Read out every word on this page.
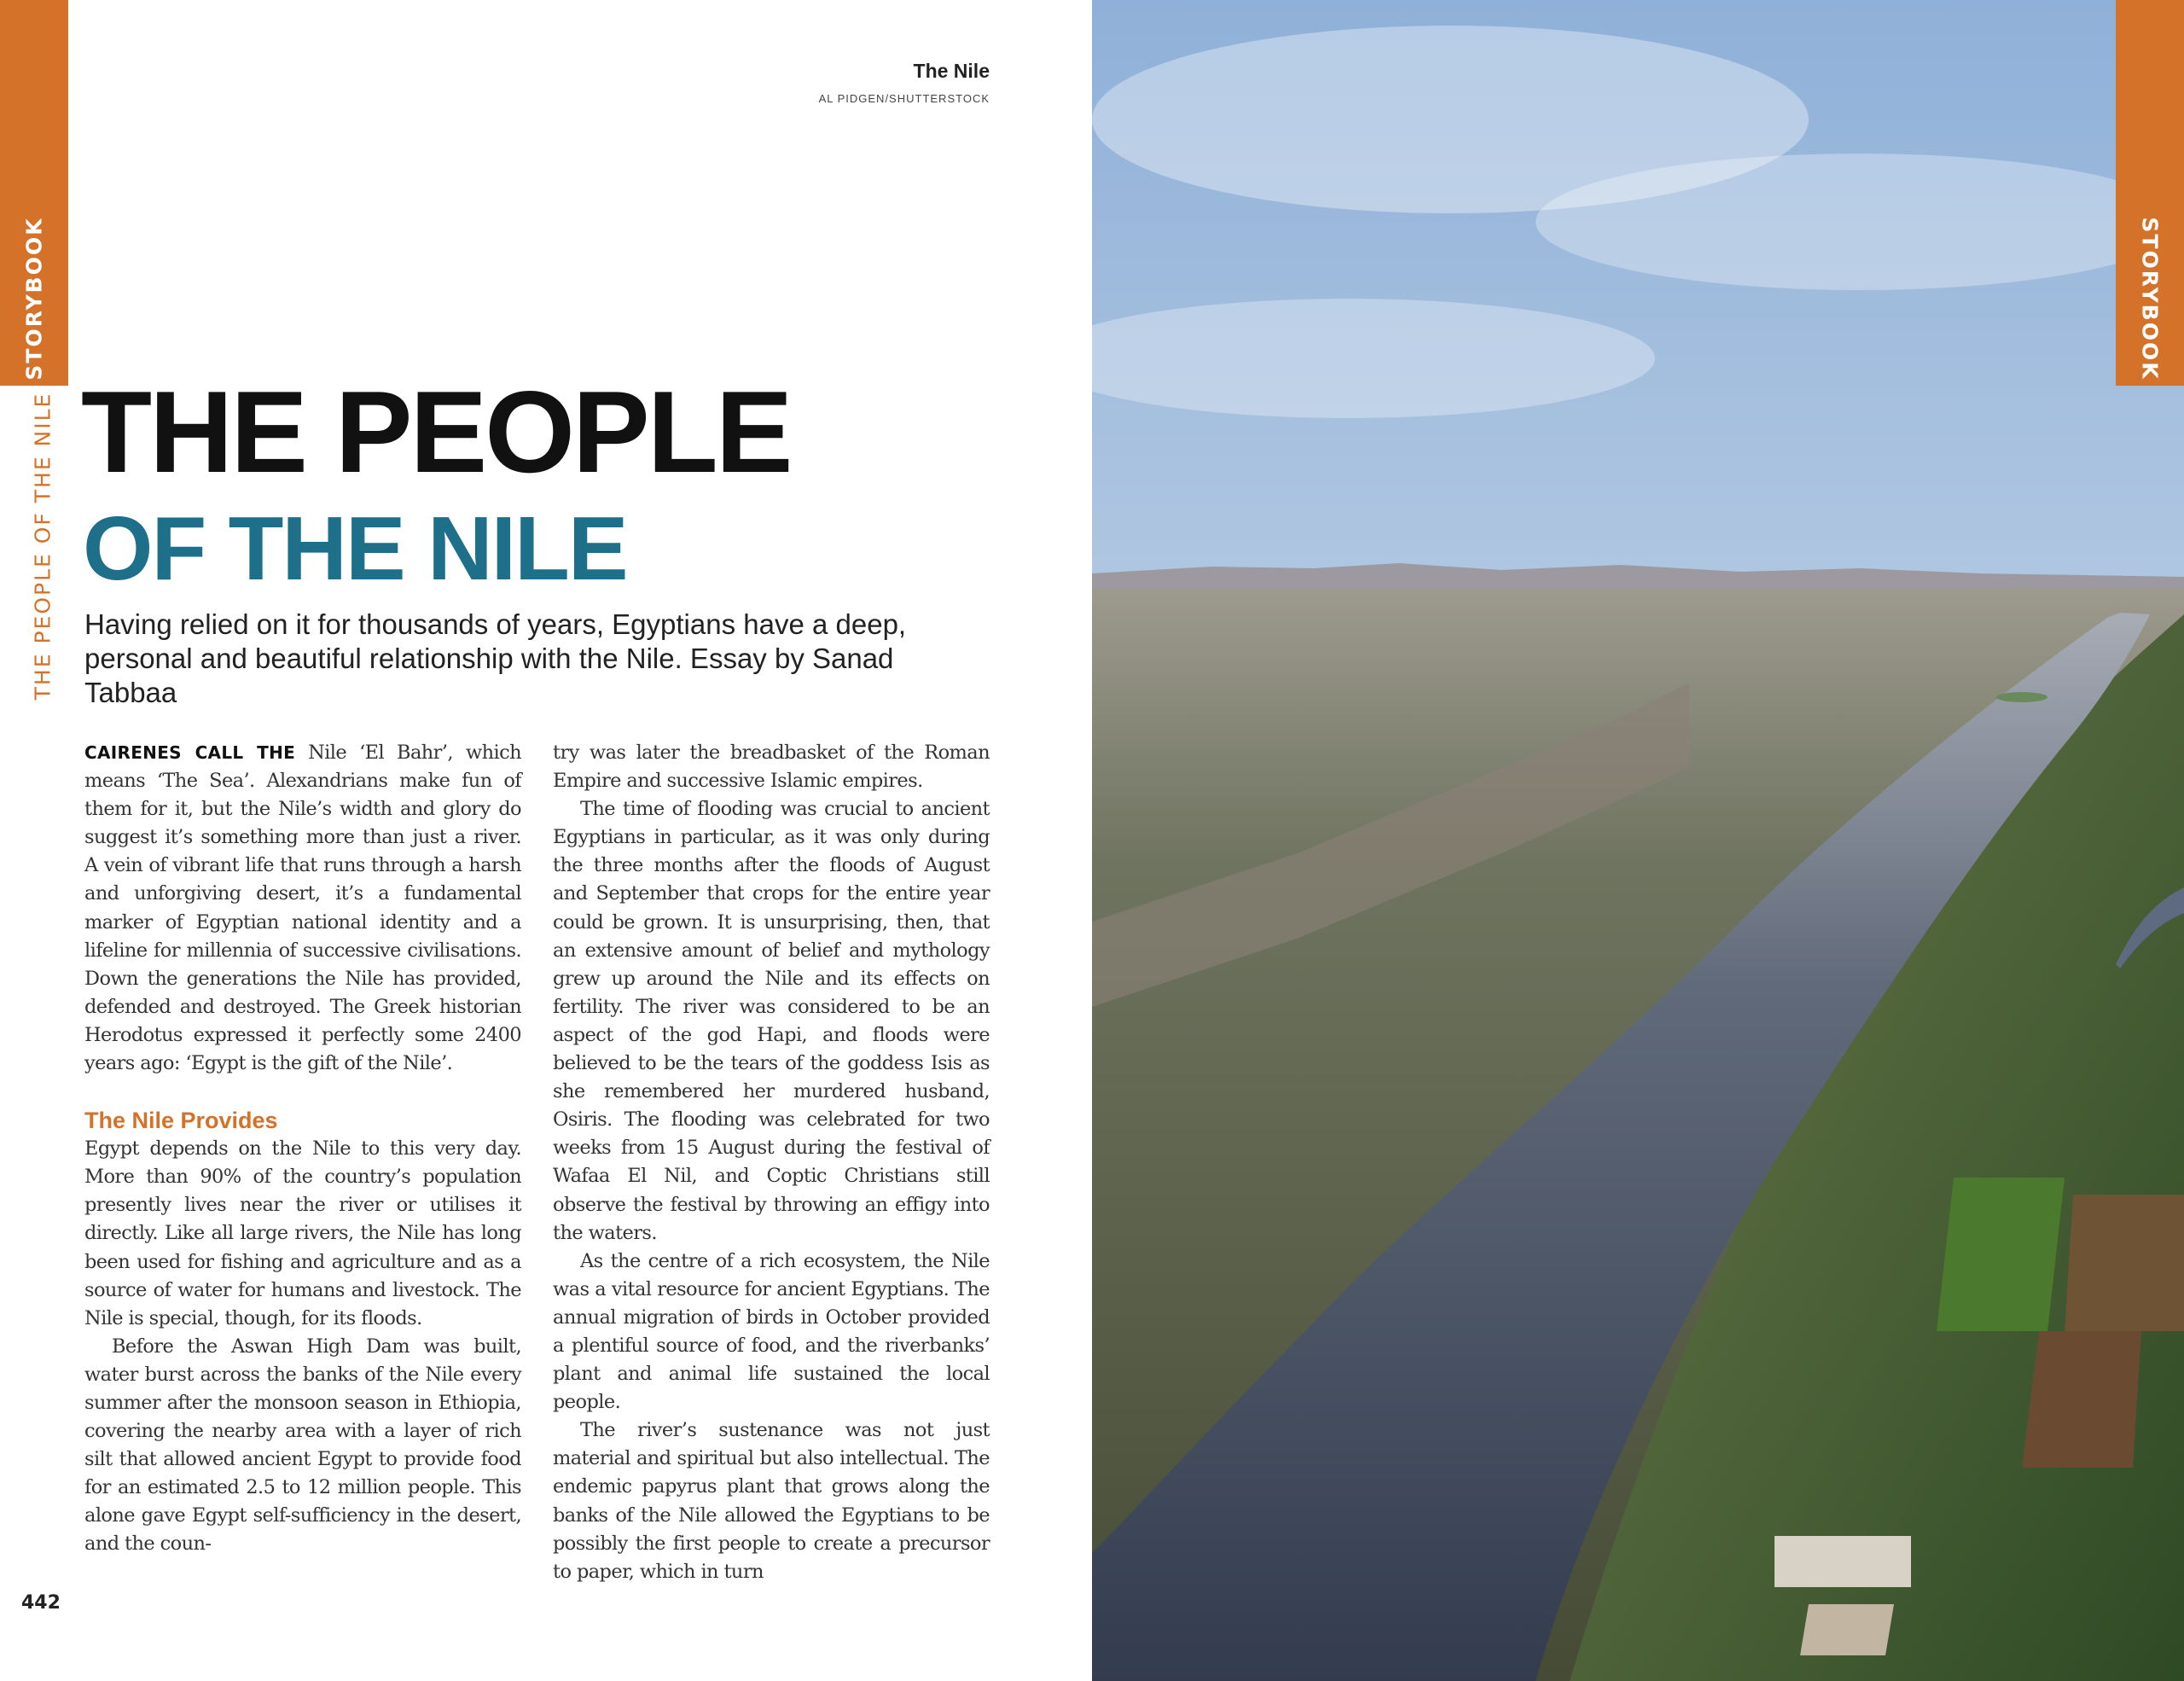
STORYBOOK
THE PEOPLE OF THE NILE
The Nile
AL PIDGEN/SHUTTERSTOCK
THE PEOPLE
OF THE NILE
Having relied on it for thousands of years, Egyptians have a deep, personal and beautiful relationship with the Nile. Essay by Sanad Tabbaa

CAIRENES CALL THE Nile ‘El Bahr’, which means ‘The Sea’. Alexandrians make fun of them for it, but the Nile’s width and glory do suggest it’s something more than just a river. A vein of vibrant life that runs through a harsh and unforgiving desert, it’s a fundamental marker of Egyptian national identity and a lifeline for millennia of successive civilisations. Down the generations the Nile has provided, defended and destroyed. The Greek historian Herodotus expressed it perfectly some 2400 years ago: ‘Egypt is the gift of the Nile’.

The Nile Provides

Egypt depends on the Nile to this very day. More than 90% of the country’s population presently lives near the river or utilises it directly. Like all large rivers, the Nile has long been used for fishing and agriculture and as a source of water for humans and livestock. The Nile is special, though, for its floods.

Before the Aswan High Dam was built, water burst across the banks of the Nile every summer after the monsoon season in Ethiopia, covering the nearby area with a layer of rich silt that allowed ancient Egypt to provide food for an estimated 2.5 to 12 million people. This alone gave Egypt self-sufficiency in the desert, and the coun-

try was later the breadbasket of the Roman Empire and successive Islamic empires.

The time of flooding was crucial to ancient Egyptians in particular, as it was only during the three months after the floods of August and September that crops for the entire year could be grown. It is unsurprising, then, that an extensive amount of belief and mythology grew up around the Nile and its effects on fertility. The river was considered to be an aspect of the god Hapi, and floods were believed to be the tears of the goddess Isis as she remembered her murdered husband, Osiris. The flooding was celebrated for two weeks from 15 August during the festival of Wafaa El Nil, and Coptic Christians still observe the festival by throwing an effigy into the waters.

As the centre of a rich ecosystem, the Nile was a vital resource for ancient Egyptians. The annual migration of birds in October provided a plentiful source of food, and the riverbanks’ plant and animal life sustained the local people.

The river’s sustenance was not just material and spiritual but also intellectual. The endemic papyrus plant that grows along the banks of the Nile allowed the Egyptians to be possibly the first people to create a precursor to paper, which in turn

442
STORYBOOK
